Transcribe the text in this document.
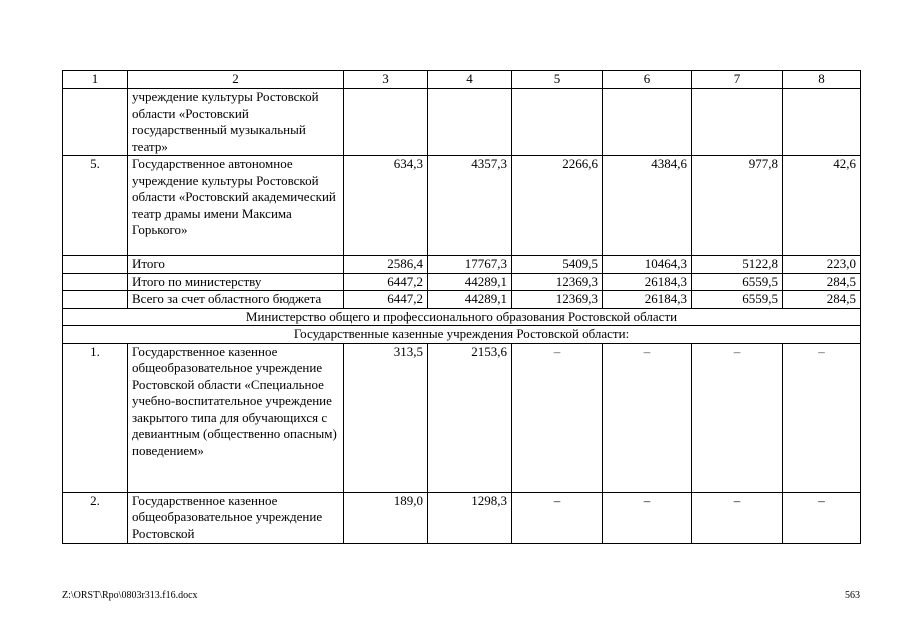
1	2	3	4	5	6	7	8
	учреждение культуры Ростовской области «Ростовский государственный музыкальный театр»						
5.	Государственное автономное учреждение культуры Ростовской области «Ростовский академический театр драмы имени Максима Горького»	634,3	4357,3	2266,6	4384,6	977,8	42,6
	Итого	2586,4	17767,3	5409,5	10464,3	5122,8	223,0
	Итого по министерству	6447,2	44289,1	12369,3	26184,3	6559,5	284,5
	Всего за счет областного бюджета	6447,2	44289,1	12369,3	26184,3	6559,5	284,5
Министерство общего и профессионального образования Ростовской области							
Государственные казенные учреждения Ростовской области:							
1.	Государственное казенное общеобразовательное учреждение Ростовской области «Специальное учебно-воспитательное учреждение закрытого типа для обучающихся с девиантным (общественно опасным) поведением»	313,5	2153,6	–	–	–	–
2.	Государственное казенное общеобразовательное учреждение Ростовской	189,0	1298,3	–	–	–	–
Z:\ORST\Rpo\0803r313.f16.docx	563
